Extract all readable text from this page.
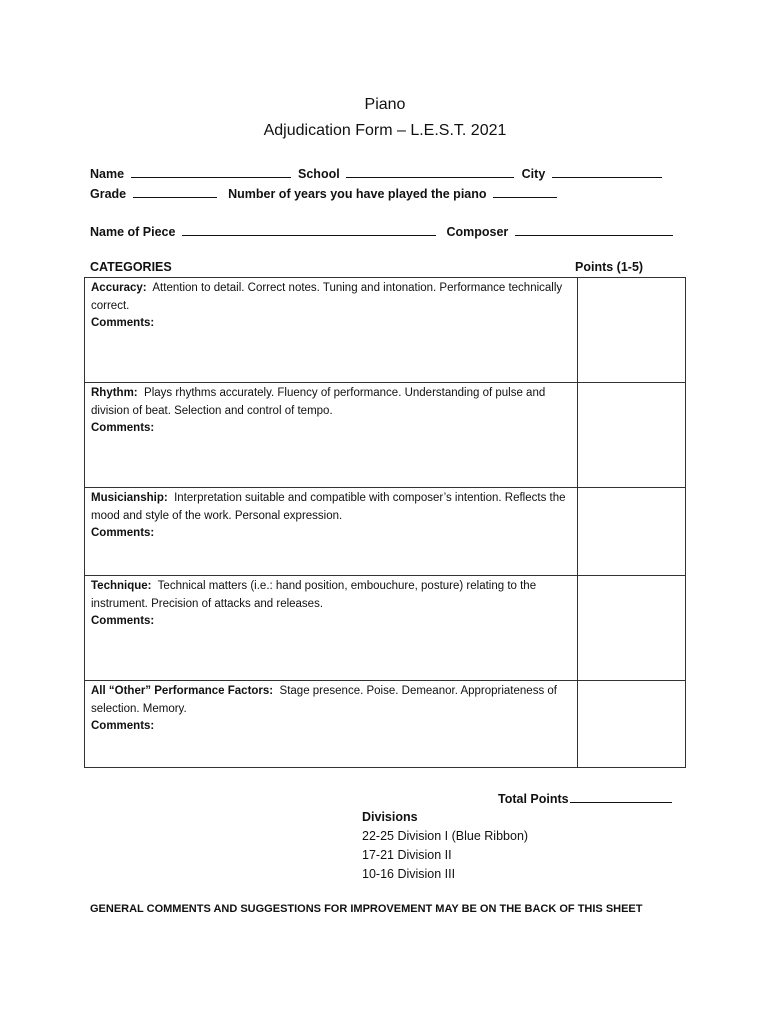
Piano
Adjudication Form – L.E.S.T. 2021
Name	School	City
Grade	Number of years you have played the piano
Name of Piece	Composer
CATEGORIES	Points (1-5)
Accuracy: Attention to detail. Correct notes. Tuning and intonation. Performance technically correct.
Comments:	
Rhythm: Plays rhythms accurately. Fluency of performance. Understanding of pulse and division of beat. Selection and control of tempo.
Comments:	
Musicianship: Interpretation suitable and compatible with composer’s intention. Reflects the mood and style of the work. Personal expression.
Comments:	
Technique: Technical matters (i.e.: hand position, embouchure, posture) relating to the instrument. Precision of attacks and releases.
Comments:	
All “Other” Performance Factors: Stage presence. Poise. Demeanor. Appropriateness of selection. Memory.
Comments:	
Total Points
Divisions
22-25 Division I (Blue Ribbon)
17-21 Division II
10-16 Division III
GENERAL COMMENTS AND SUGGESTIONS FOR IMPROVEMENT MAY BE ON THE BACK OF THIS SHEET
